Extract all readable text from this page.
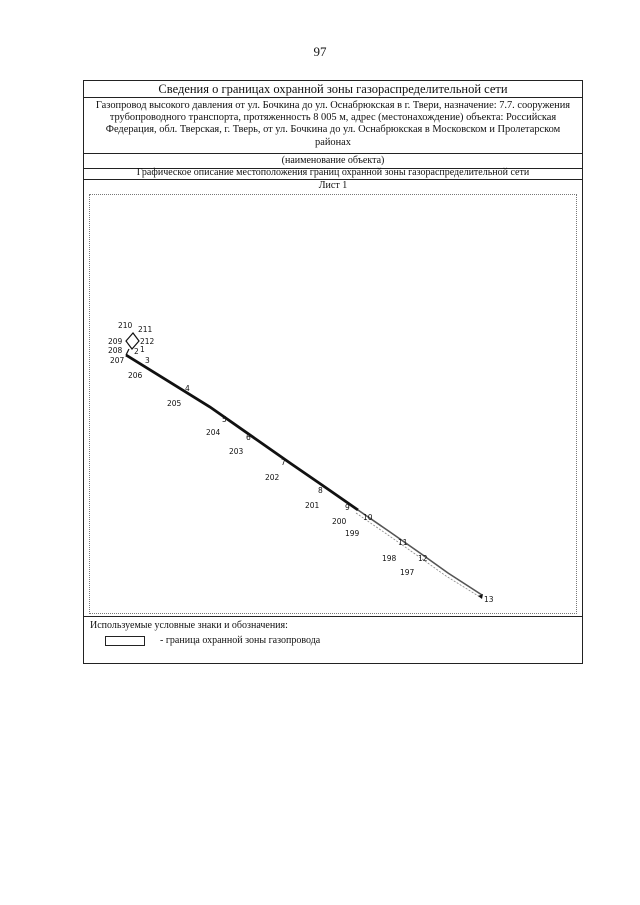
97
Сведения о границах охранной зоны газораспределительной сети
Газопровод высокого давления от ул. Бочкина до ул. Оснабрюкская в г. Твери, назначение: 7.7. сооружения трубопроводного транспорта, протяженность 8 005 м, адрес (местонахождение) объекта: Российская Федерация, обл. Тверская, г. Тверь, от ул. Бочкина до ул. Оснабрюкская в Московском и Пролетарском районах
(наименование объекта)
Графическое описание местоположения границ охранной зоны газораспределительной сети
Лист 1
210 211
209 212
208 2 1
207	3
206
4
205
5
204
6
203
7
202
8
201	9
200 10
199
11
198	12
197
13
Используемые условные знаки и обозначения:
- граница охранной зоны газопровода
